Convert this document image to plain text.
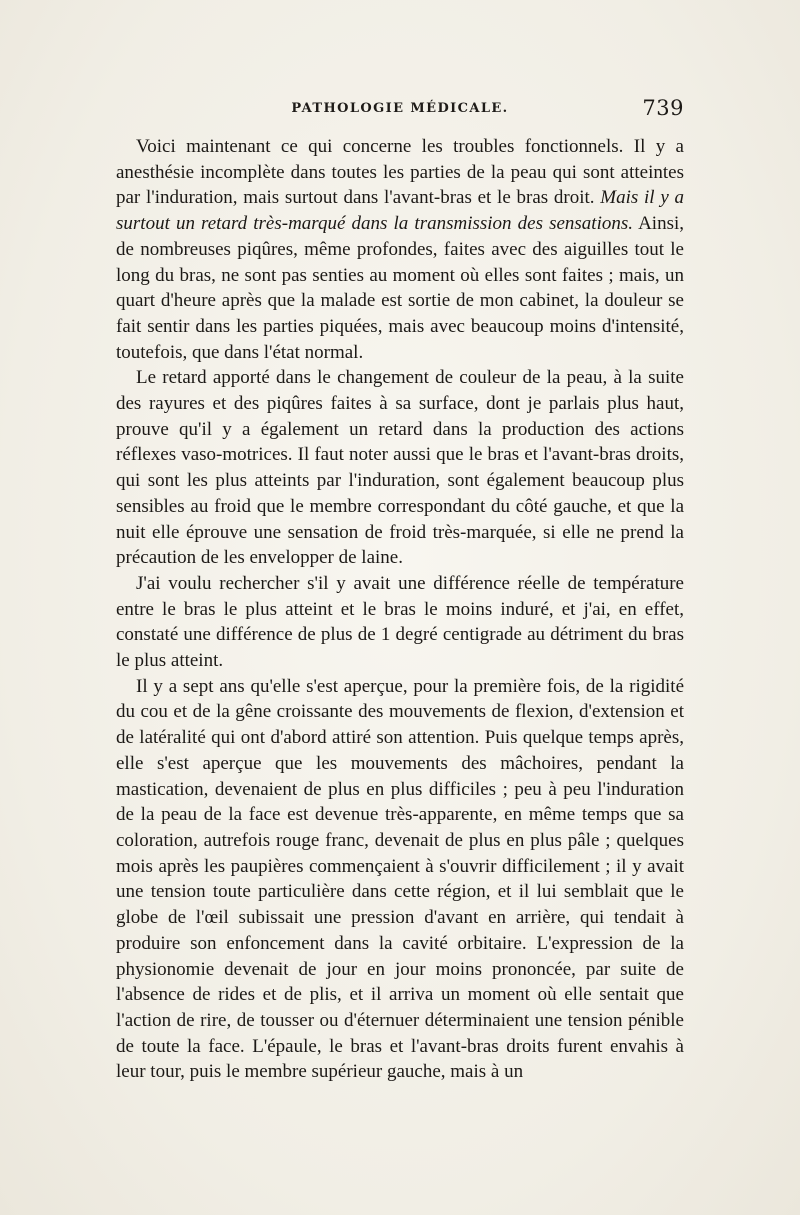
PATHOLOGIE MÉDICALE.	739

Voici maintenant ce qui concerne les troubles fonctionnels. Il y a anesthésie incomplète dans toutes les parties de la peau qui sont atteintes par l'induration, mais surtout dans l'avant-bras et le bras droit. Mais il y a surtout un retard très-marqué dans la transmission des sensations. Ainsi, de nombreuses piqûres, même profondes, faites avec des aiguilles tout le long du bras, ne sont pas senties au moment où elles sont faites ; mais, un quart d'heure après que la malade est sortie de mon cabinet, la douleur se fait sentir dans les parties piquées, mais avec beaucoup moins d'intensité, toutefois, que dans l'état normal.

Le retard apporté dans le changement de couleur de la peau, à la suite des rayures et des piqûres faites à sa surface, dont je parlais plus haut, prouve qu'il y a également un retard dans la production des actions réflexes vaso-motrices. Il faut noter aussi que le bras et l'avant-bras droits, qui sont les plus atteints par l'induration, sont également beaucoup plus sensibles au froid que le membre correspondant du côté gauche, et que la nuit elle éprouve une sensation de froid très-marquée, si elle ne prend la précaution de les envelopper de laine.

J'ai voulu rechercher s'il y avait une différence réelle de température entre le bras le plus atteint et le bras le moins induré, et j'ai, en effet, constaté une différence de plus de 1 degré centigrade au détriment du bras le plus atteint.

Il y a sept ans qu'elle s'est aperçue, pour la première fois, de la rigidité du cou et de la gêne croissante des mouvements de flexion, d'extension et de latéralité qui ont d'abord attiré son attention. Puis quelque temps après, elle s'est aperçue que les mouvements des mâchoires, pendant la mastication, devenaient de plus en plus difficiles ; peu à peu l'induration de la peau de la face est devenue très-apparente, en même temps que sa coloration, autrefois rouge franc, devenait de plus en plus pâle ; quelques mois après les paupières commençaient à s'ouvrir difficilement ; il y avait une tension toute particulière dans cette région, et il lui semblait que le globe de l'œil subissait une pression d'avant en arrière, qui tendait à produire son enfoncement dans la cavité orbitaire. L'expression de la physionomie devenait de jour en jour moins prononcée, par suite de l'absence de rides et de plis, et il arriva un moment où elle sentait que l'action de rire, de tousser ou d'éternuer déterminaient une tension pénible de toute la face. L'épaule, le bras et l'avant-bras droits furent envahis à leur tour, puis le membre supérieur gauche, mais à un
